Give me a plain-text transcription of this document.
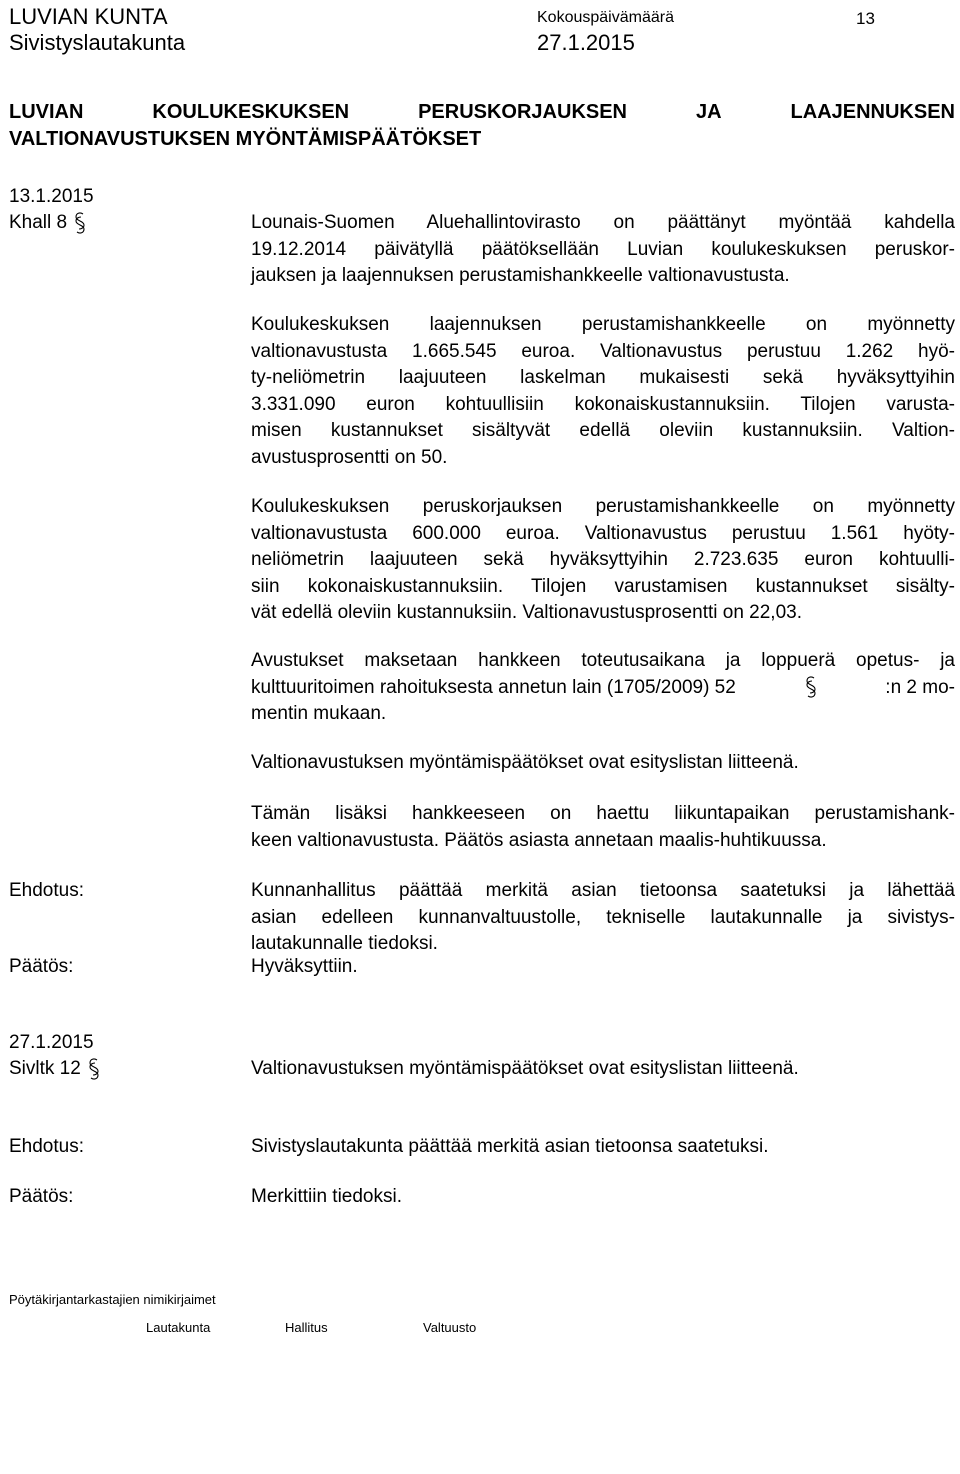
LUVIAN KUNTA
Sivistyslautakunta
Kokouspäivämäärä
27.1.2015
13
LUVIAN	KOULUKESKUKSEN	PERUSKORJAUKSEN	JA	LAAJENNUKSEN
VALTIONAVUSTUKSEN MYÖNTÄMISPÄÄTÖKSET
13.1.2015
Khall 8	Lounais-Suomen Aluehallintovirasto on päättänyt myöntää kahdella
19.12.2014 päivätyllä päätöksellään Luvian koulukeskuksen peruskor-
jauksen ja laajennuksen perustamishankkeelle valtionavustusta.
Koulukeskuksen laajennuksen perustamishankkeelle on myönnetty
valtionavustusta 1.665.545 euroa. Valtionavustus perustuu 1.262 hyö-
ty-neliömetrin laajuuteen laskelman mukaisesti sekä hyväksyttyihin
3.331.090 euron kohtuullisiin kokonaiskustannuksiin. Tilojen varusta-
misen kustannukset sisältyvät edellä oleviin kustannuksiin. Valtion-
avustusprosentti on 50.
Koulukeskuksen peruskorjauksen perustamishankkeelle on myönnetty
valtionavustusta 600.000 euroa. Valtionavustus perustuu 1.561 hyöty-
neliömetrin laajuuteen sekä hyväksyttyihin 2.723.635 euron kohtuulli-
siin kokonaiskustannuksiin. Tilojen varustamisen kustannukset sisälty-
vät edellä oleviin kustannuksiin. Valtionavustusprosentti on 22,03.
Avustukset maksetaan hankkeen toteutusaikana ja loppuerä opetus- ja
kulttuuritoimen rahoituksesta annetun lain (1705/2009) 52	:n 2 mo-
mentin mukaan.
Valtionavustuksen myöntämispäätökset ovat esityslistan liitteenä.
Tämän lisäksi hankkeeseen on haettu liikuntapaikan perustamishank-
keen valtionavustusta. Päätös asiasta annetaan maalis-huhtikuussa.
Ehdotus:	Kunnanhallitus päättää merkitä asian tietoonsa saatetuksi ja lähettää
asian edelleen kunnanvaltuustolle, tekniselle lautakunnalle ja sivistys-
lautakunnalle tiedoksi.
Päätös:	Hyväksyttiin.
27.1.2015
Sivltk 12	Valtionavustuksen myöntämispäätökset ovat esityslistan liitteenä.
Ehdotus:	Sivistyslautakunta päättää merkitä asian tietoonsa saatetuksi.
Päätös:	Merkittiin tiedoksi.
Pöytäkirjantarkastajien nimikirjaimet
Lautakunta	Hallitus	Valtuusto
